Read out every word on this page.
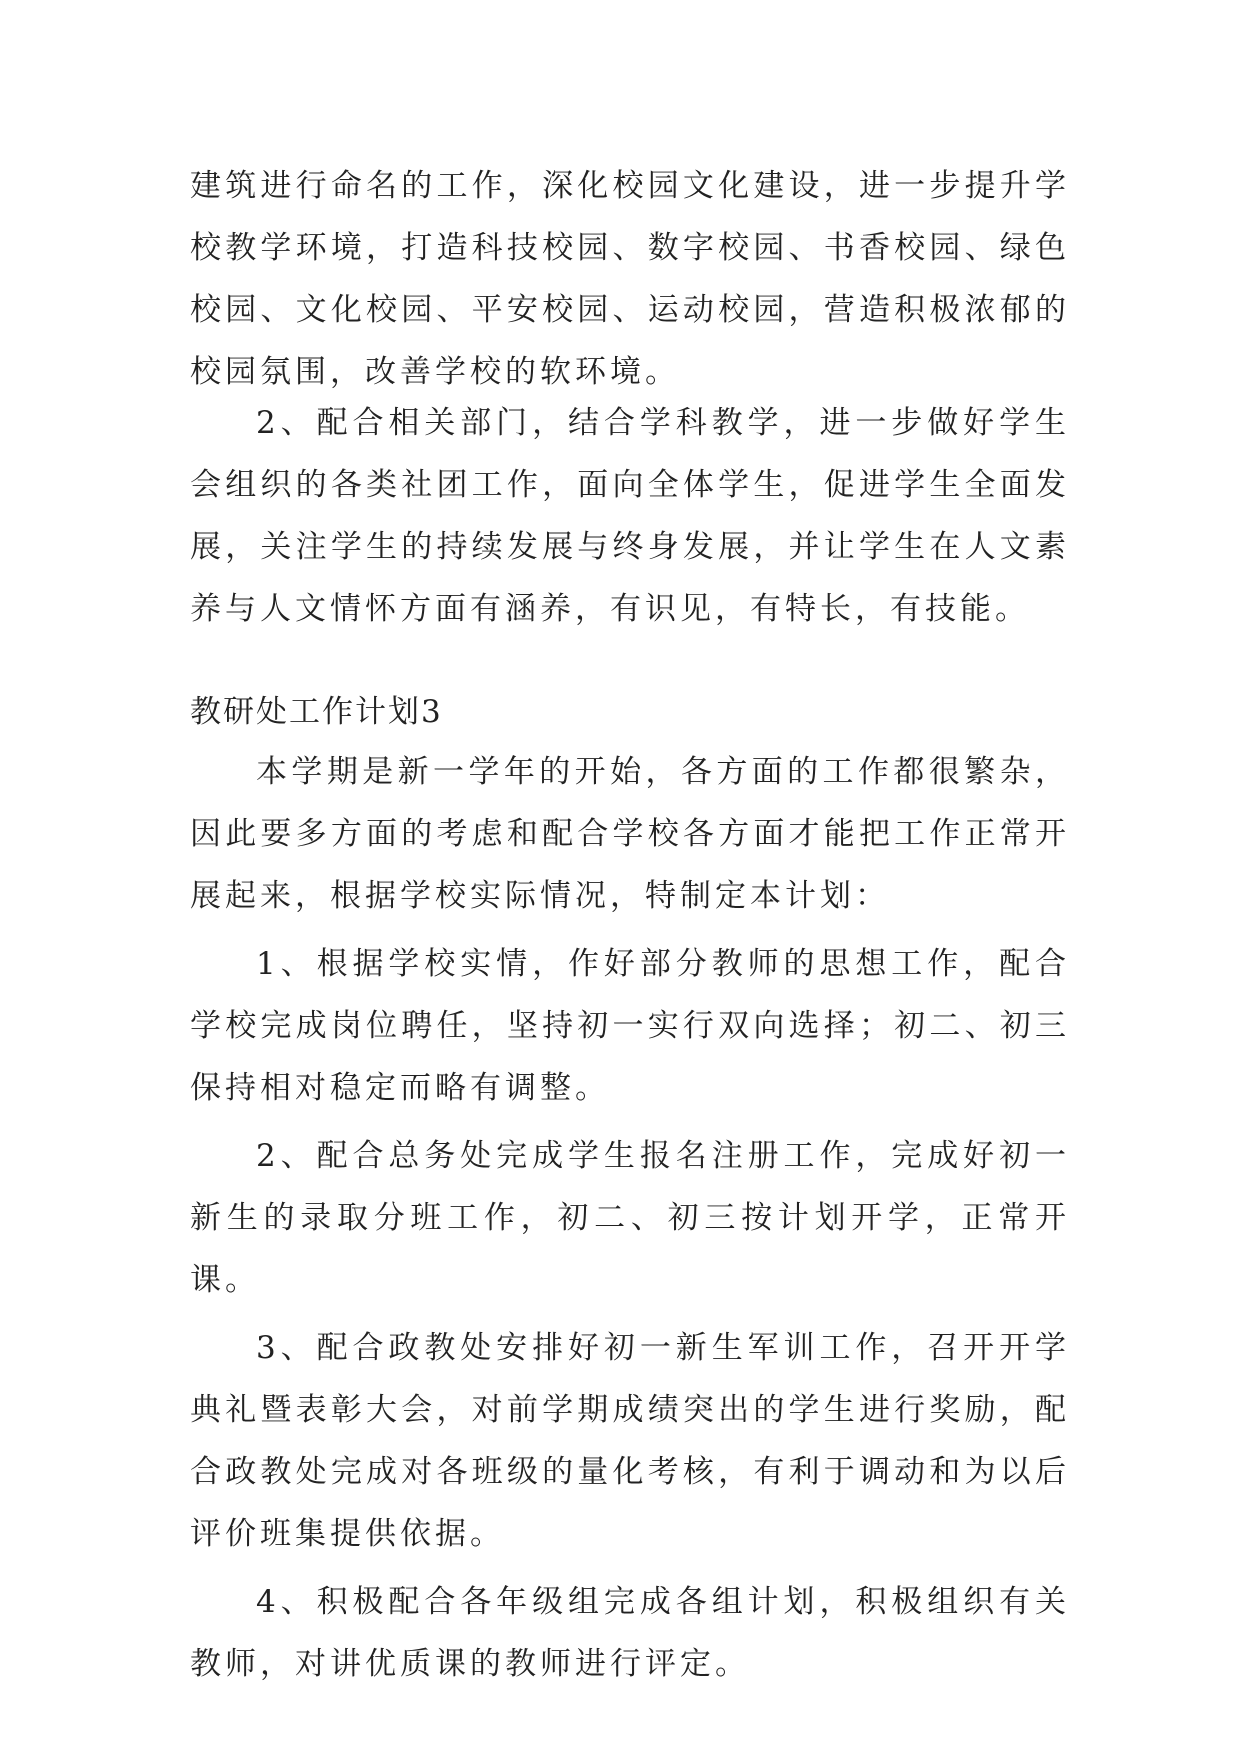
建筑进行命名的工作，深化校园文化建设，进一步提升学校教学环境，打造科技校园、数字校园、书香校园、绿色校园、文化校园、平安校园、运动校园，营造积极浓郁的校园氛围，改善学校的软环境。

2、配合相关部门，结合学科教学，进一步做好学生会组织的各类社团工作，面向全体学生，促进学生全面发展，关注学生的持续发展与终身发展，并让学生在人文素养与人文情怀方面有涵养，有识见，有特长，有技能。

教研处工作计划3

本学期是新一学年的开始，各方面的工作都很繁杂，因此要多方面的考虑和配合学校各方面才能把工作正常开展起来，根据学校实际情况，特制定本计划：

1、根据学校实情，作好部分教师的思想工作，配合学校完成岗位聘任，坚持初一实行双向选择；初二、初三保持相对稳定而略有调整。

2、配合总务处完成学生报名注册工作，完成好初一新生的录取分班工作，初二、初三按计划开学，正常开课。

3、配合政教处安排好初一新生军训工作，召开开学典礼暨表彰大会，对前学期成绩突出的学生进行奖励，配合政教处完成对各班级的量化考核，有利于调动和为以后评价班集提供依据。

4、积极配合各年级组完成各组计划，积极组织有关教师，对讲优质课的教师进行评定。
